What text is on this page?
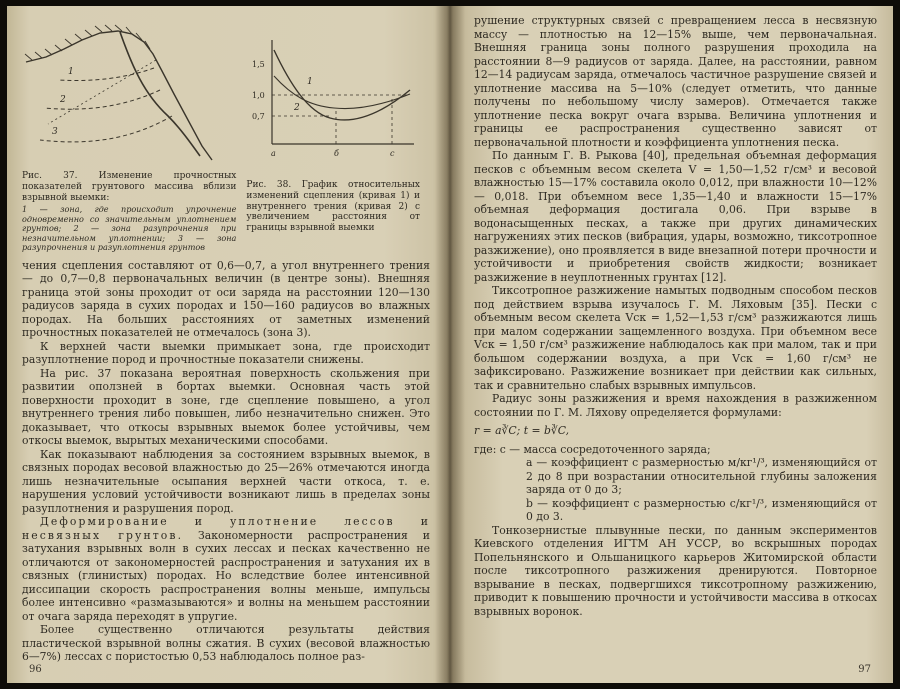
1
2
3

Рис. 37. Изменение прочностных показателей грунтового массива вблизи взрывной выемки:

1 — зона, где происходит упрочнение одновременно со значительным уплотнением грунтов; 2 — зона разупрочнения при незначительном уплотнении; 3 — зона разупрочнения и разуплотнения грунтов

1,5
1,0
0,7
а	б	с
1
2

Рис. 38. График относительных изменений сцепления (кривая 1) и внутреннего трения (кривая 2) с увеличением расстояния от границы взрывной выемки

чения сцепления составляют от 0,6—0,7, а угол внутреннего трения — до 0,7—0,8 первоначальных величин (в центре зоны). Внешняя граница этой зоны проходит от оси заряда на расстоянии 120—130 радиусов заряда в сухих породах и 150—160 радиусов во влажных породах. На больших расстояниях от заметных изменений прочностных показателей не отмечалось (зона 3).

К верхней части выемки примыкает зона, где происходит разуплотнение пород и прочностные показатели снижены.

На рис. 37 показана вероятная поверхность скольжения при развитии оползней в бортах выемки. Основная часть этой поверхности проходит в зоне, где сцепление повышено, а угол внутреннего трения либо повышен, либо незначительно снижен. Это доказывает, что откосы взрывных выемок более устойчивы, чем откосы выемок, вырытых механическими способами.

Как показывают наблюдения за состоянием взрывных выемок, в связных породах весовой влажностью до 25—26% отмечаются иногда лишь незначительные осыпания верхней части откоса, т. е. нарушения условий устойчивости возникают лишь в пределах зоны разуплотнения и разрушения пород.

Деформирование и уплотнение лессов и несвязных грунтов. Закономерности распространения и затухания взрывных волн в сухих лессах и песках качественно не отличаются от закономерностей распространения и затухания их в связных (глинистых) породах. Но вследствие более интенсивной диссипации скорость распространения волны меньше, импульсы более интенсивно «размазываются» и волны на меньшем расстоянии от очага заряда переходят в упругие.

Более существенно отличаются результаты действия пластической взрывной волны сжатия. В сухих (весовой влажностью 6—7%) лессах с пористостью 0,53 наблюдалось полное раз-

96

рушение структурных связей с превращением лесса в несвязную массу — плотностью на 12—15% выше, чем первоначальная. Внешняя граница зоны полного разрушения проходила на расстоянии 8—9 радиусов от заряда. Далее, на расстоянии, равном 12—14 радиусам заряда, отмечалось частичное разрушение связей и уплотнение массива на 5—10% (следует отметить, что данные получены по небольшому числу замеров). Отмечается также уплотнение песка вокруг очага взрыва. Величина уплотнения и границы ее распространения существенно зависят от первоначальной плотности и коэффициента уплотнения песка.

По данным Г. В. Рыкова [40], предельная объемная деформация песков с объемным весом скелета V = 1,50—1,52 г/см³ и весовой влажностью 15—17% составила около 0,012, при влажности 10—12% — 0,018. При объемном весе 1,35—1,40 и влажности 15—17% объемная деформация достигала 0,06. При взрыве в водонасыщенных песках, а также при других динамических нагружениях этих песков (вибрация, удары, возможно, тиксотропное разжижение), оно проявляется в виде внезапной потери прочности и устойчивости и приобретения свойств жидкости; возникает разжижение в неуплотненных грунтах [12].

Тиксотропное разжижение намытых подводным способом песков под действием взрыва изучалось Г. М. Ляховым [35]. Пески с объемным весом скелета Vск = 1,52—1,53 г/см³ разжижаются лишь при малом содержании защемленного воздуха. При объемном весе Vск = 1,50 г/см³ разжижение наблюдалось как при малом, так и при большом содержании воздуха, а при Vск = 1,60 г/см³ не зафиксировано. Разжижение возникает при действии как сильных, так и сравнительно слабых взрывных импульсов.

Радиус зоны разжижения и время нахождения в разжиженном состоянии по Г. М. Ляхову определяется формулами:

r = a∛C; t = b∛C,

где: с — масса сосредоточенного заряда;

а — коэффициент с размерностью м/кг¹/³, изменяющийся от 2 до 8 при возрастании относительной глубины заложения заряда от 0 до 3;

b — коэффициент с размерностью с/кг¹/³, изменяющийся от 0 до 3.

Тонкозернистые плывунные пески, по данным экспериментов Киевского отделения ИГТМ АН УССР, во вскрышных породах Попельнянского и Ольшаницкого карьеров Житомирской области после тиксотропного разжижения дренируются. Повторное взрывание в песках, подвергшихся тиксотропному разжижению, приводит к повышению прочности и устойчивости массива в откосах взрывных воронок.

97
